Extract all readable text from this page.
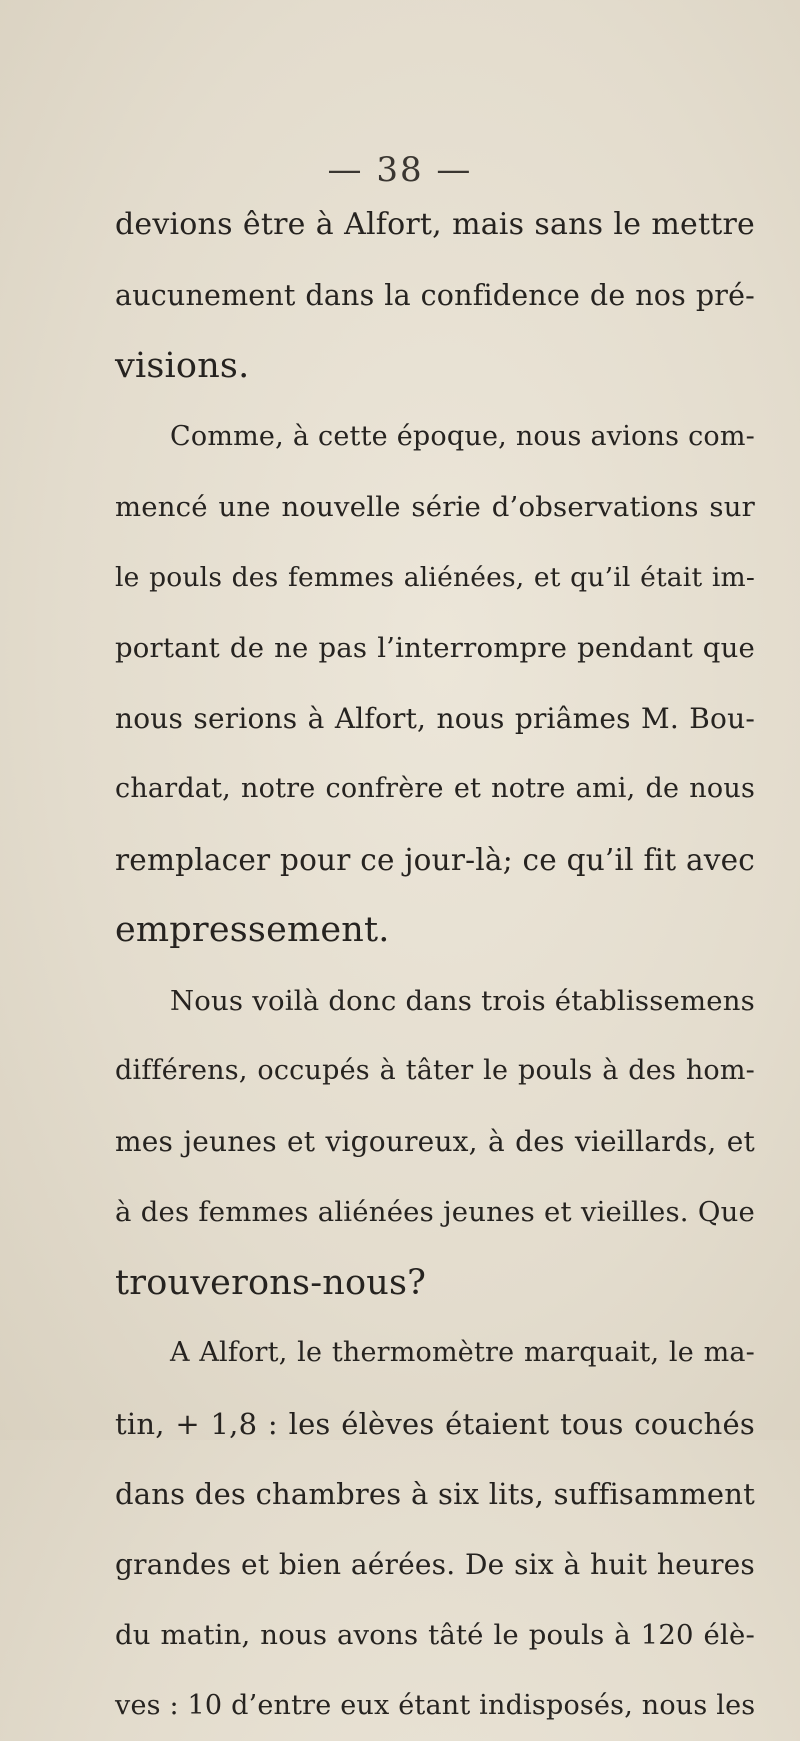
— 38 —
devions être à Alfort, mais sans le mettre
aucunement dans la confidence de nos pré-
visions.
Comme, à cette époque, nous avions com-
mencé une nouvelle série d’observations sur
le pouls des femmes aliénées, et qu’il était im-
portant de ne pas l’interrompre pendant que
nous serions à Alfort, nous priâmes M. Bou-
chardat, notre confrère et notre ami, de nous
remplacer pour ce jour-là; ce qu’il fit avec
empressement.
Nous voilà donc dans trois établissemens
différens, occupés à tâter le pouls à des hom-
mes jeunes et vigoureux, à des vieillards, et
à des femmes aliénées jeunes et vieilles. Que
trouverons-nous?
A Alfort, le thermomètre marquait, le ma-
tin, + 1,8 : les élèves étaient tous couchés
dans des chambres à six lits, suffisamment
grandes et bien aérées. De six à huit heures
du matin, nous avons tâté le pouls à 120 élè-
ves : 10 d’entre eux étant indisposés, nous les
